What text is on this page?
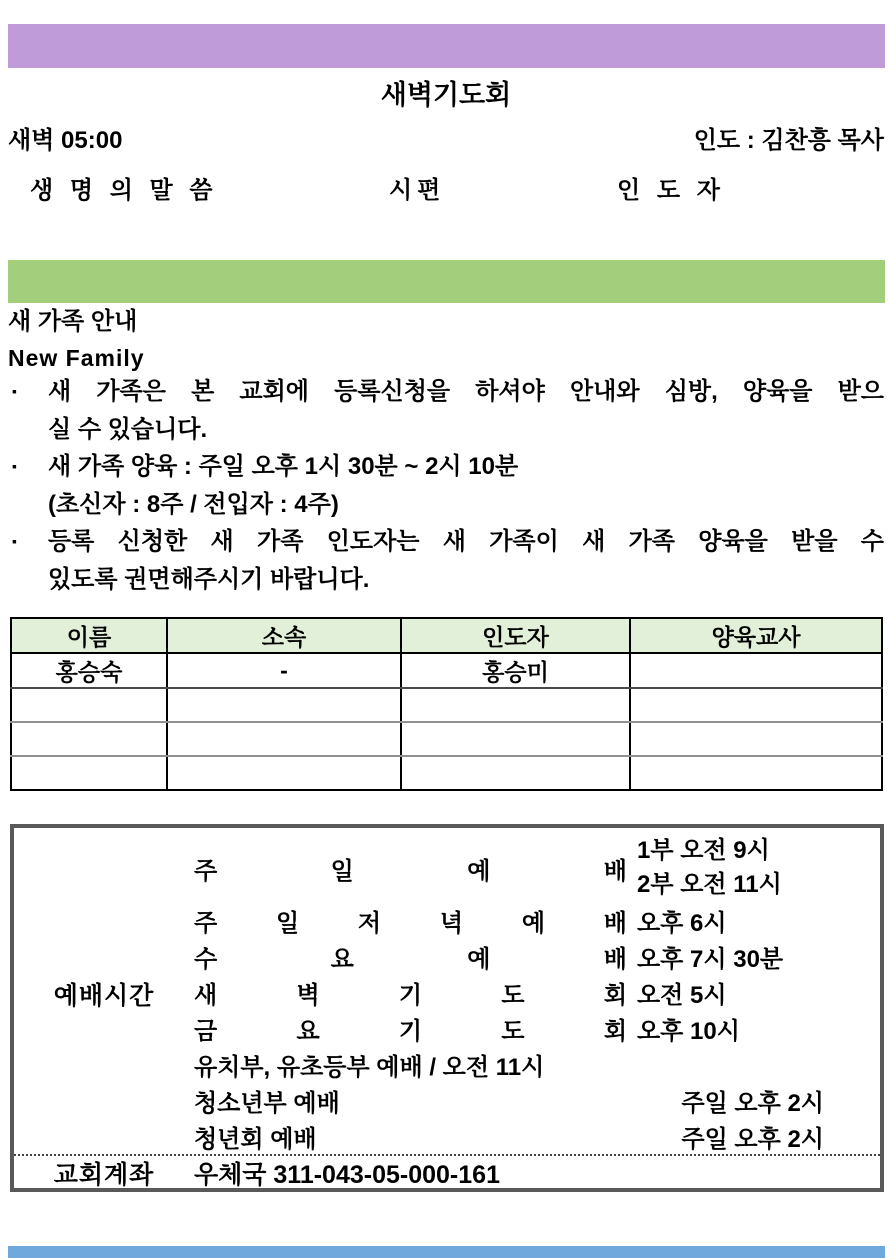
새벽기도회
새벽 05:00	인도 : 김찬흥 목사
생 명 의 말 씀	시편	인 도 자
새 가족 안내
New Family
▪ 새 가족은 본 교회에 등록신청을 하셔야 안내와 심방, 양육을 받으
실 수 있습니다.
▪ 새 가족 양육 : 주일 오후 1시 30분 ~ 2시 10분
(초신자 : 8주 / 전입자 : 4주)
▪ 등록 신청한 새 가족 인도자는 새 가족이 새 가족 양육을 받을 수
있도록 권면해주시기 바랍니다.
이름	소속	인도자	양육교사
홍승숙	-	홍승미	

예배시간
주 일 예 배
1부 오전 9시
2부 오전 11시
주 일 저 녁 예 배 오후 6시
수 요 예 배 오후 7시 30분
새 벽 기 도 회 오전 5시
금 요 기 도 회 오후 10시
유치부, 유초등부 예배 / 오전 11시
청소년부 예배	주일 오후 2시
청년회 예배	주일 오후 2시
교회계좌	우체국 311-043-05-000-161
